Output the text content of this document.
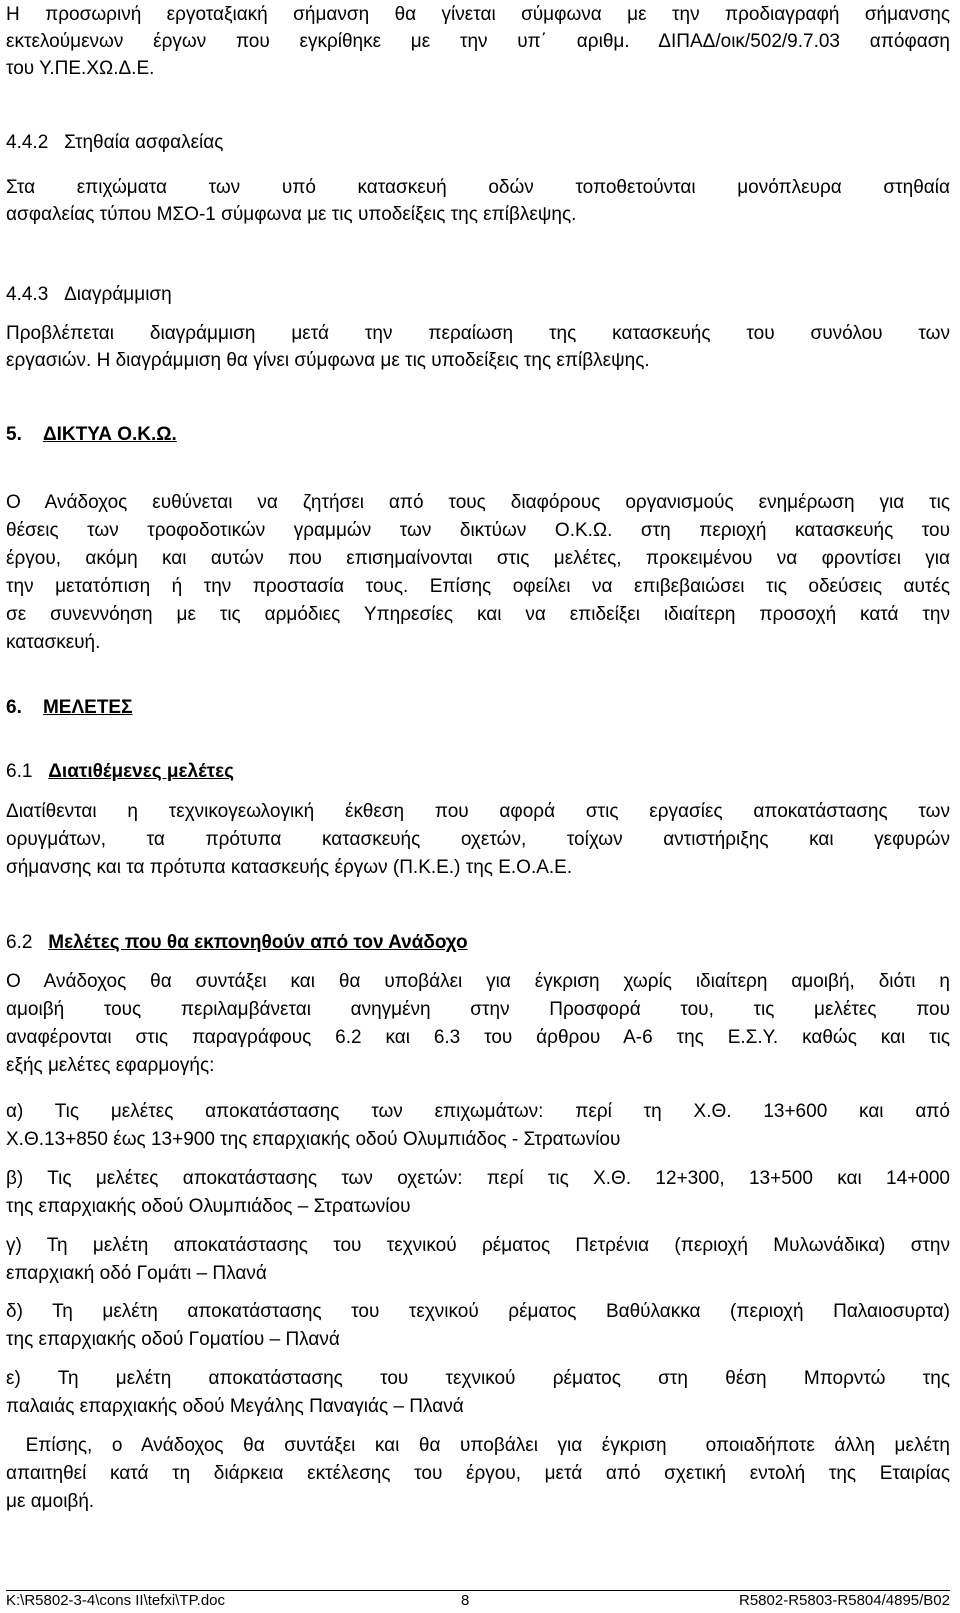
Η προσωρινή εργοταξιακή σήμανση θα γίνεται σύμφωνα με την προδιαγραφή σήμανσης

εκτελούμενων έργων που εγκρίθηκε με την υπ΄ αριθμ. ΔΙΠΑΔ/οικ/502/9.7.03 απόφαση

του Υ.ΠΕ.ΧΩ.Δ.Ε.

4.4.2 Στηθαία ασφαλείας

Στα επιχώματα των υπό κατασκευή οδών τοποθετούνται μονόπλευρα στηθαία

ασφαλείας τύπου ΜΣΟ-1 σύμφωνα με τις υποδείξεις της επίβλεψης.

4.4.3 Διαγράμμιση

Προβλέπεται διαγράμμιση μετά την περαίωση της κατασκευής του συνόλου των

εργασιών. Η διαγράμμιση θα γίνει σύμφωνα με τις υποδείξεις της επίβλεψης.

5. ΔΙΚΤΥΑ Ο.Κ.Ω.

Ο Ανάδοχος ευθύνεται να ζητήσει από τους διαφόρους οργανισμούς ενημέρωση για τις

θέσεις των τροφοδοτικών γραμμών των δικτύων Ο.Κ.Ω. στη περιοχή κατασκευής του

έργου, ακόμη και αυτών που επισημαίνονται στις μελέτες, προκειμένου να φροντίσει για

την μετατόπιση ή την προστασία τους. Επίσης οφείλει να επιβεβαιώσει τις οδεύσεις αυτές

σε συνεννόηση με τις αρμόδιες Υπηρεσίες και να επιδείξει ιδιαίτερη προσοχή κατά την

κατασκευή.

6. ΜΕΛΕΤΕΣ

6.1 Διατιθέμενες μελέτες

Διατίθενται η τεχνικογεωλογική έκθεση που αφορά στις εργασίες αποκατάστασης των

ορυγμάτων, τα πρότυπα κατασκευής οχετών, τοίχων αντιστήριξης και γεφυρών

σήμανσης και τα πρότυπα κατασκευής έργων (Π.Κ.Ε.) της Ε.Ο.Α.Ε.

6.2 Μελέτες που θα εκπονηθούν από τον Ανάδοχο

Ο Ανάδοχος θα συντάξει και θα υποβάλει για έγκριση χωρίς ιδιαίτερη αμοιβή, διότι η

αμοιβή τους περιλαμβάνεται ανηγμένη στην Προσφορά του, τις μελέτες που

αναφέρονται στις παραγράφους 6.2 και 6.3 του άρθρου Α-6 της Ε.Σ.Υ. καθώς και τις

εξής μελέτες εφαρμογής:

α) Τις μελέτες αποκατάστασης των επιχωμάτων: περί τη Χ.Θ. 13+600 και από

Χ.Θ.13+850 έως 13+900 της επαρχιακής οδού Ολυμπιάδος - Στρατωνίου

β) Τις μελέτες αποκατάστασης των οχετών: περί τις Χ.Θ. 12+300, 13+500 και 14+000

της επαρχιακής οδού Ολυμπιάδος – Στρατωνίου

γ) Τη μελέτη αποκατάστασης του τεχνικού ρέματος Πετρένια (περιοχή Μυλωνάδικα) στην

επαρχιακή οδό Γομάτι – Πλανά

δ) Τη μελέτη αποκατάστασης του τεχνικού ρέματος Βαθύλακκα (περιοχή Παλαιοσυρτα)

της επαρχιακής οδού Γοματίου – Πλανά

ε) Τη μελέτη αποκατάστασης του τεχνικού ρέματος στη θέση Μπορντώ της

παλαιάς επαρχιακής οδού Μεγάλης Παναγιάς – Πλανά

Επίσης, ο Ανάδοχος θα συντάξει και θα υποβάλει για έγκριση  οποιαδήποτε άλλη μελέτη

απαιτηθεί κατά τη διάρκεια εκτέλεσης του έργου, μετά από σχετική εντολή της Εταιρίας

με αμοιβή.

K:\R5802-3-4\cons II\tefxi\TP.doc	8	R5802-R5803-R5804/4895/B02
